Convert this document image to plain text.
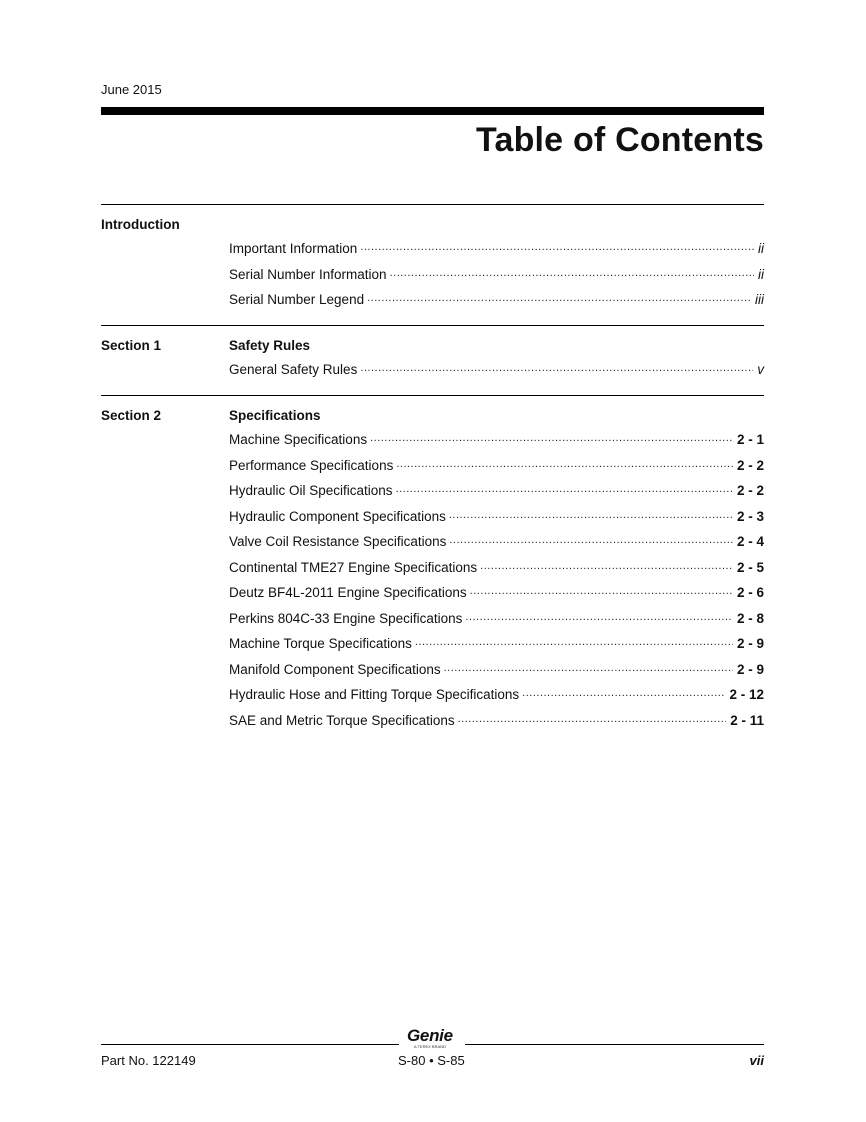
June 2015
Table of Contents
Introduction
Important Information .....	ii
Serial Number Information .....	ii
Serial Number Legend .....	iii
Section 1	Safety Rules
General Safety Rules .....	v
Section 2	Specifications
Machine Specifications .....	2 - 1
Performance Specifications .....	2 - 2
Hydraulic Oil Specifications .....	2 - 2
Hydraulic Component Specifications .....	2 - 3
Valve Coil Resistance Specifications .....	2 - 4
Continental TME27 Engine Specifications .....	2 - 5
Deutz BF4L-2011 Engine Specifications .....	2 - 6
Perkins 804C-33 Engine Specifications .....	2 - 8
Machine Torque Specifications .....	2 - 9
Manifold Component Specifications .....	2 - 9
Hydraulic Hose and Fitting Torque Specifications .....	2 - 12
SAE and Metric Torque Specifications .....	2 - 11
Genie
A TEREX BRAND
Part No. 122149	S-80 • S-85	vii
